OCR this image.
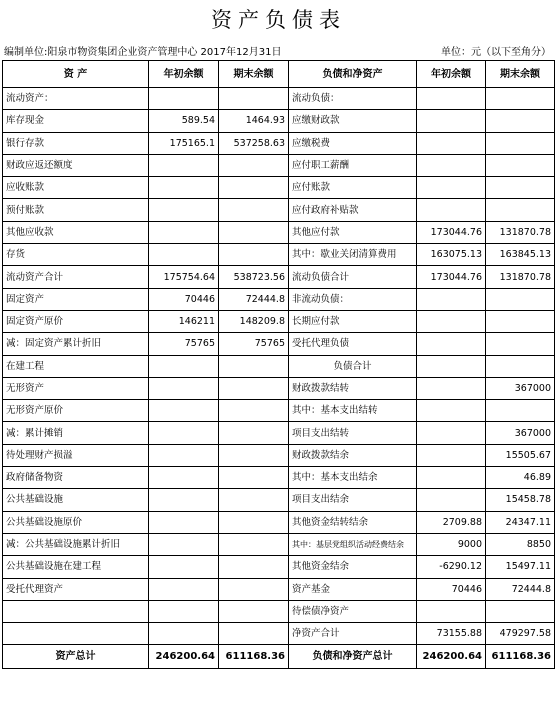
资产负债表
编制单位:阳泉市物资集团企业资产管理中心 2017年12月31日	单位：元（以下至角分）
资 产	年初余额	期末余额	负债和净资产	年初余额	期末余额
流动资产：			流动负债：		
库存现金	589.54	1464.93	应缴财政款		
银行存款	175165.1	537258.63	应缴税费		
财政应返还额度			应付职工薪酬		
应收账款			应付账款		
预付账款			应付政府补贴款		
其他应收款			其他应付款	173044.76	131870.78
存货			其中：歇业关闭清算费用	163075.13	163845.13
流动资产合计	175754.64	538723.56	流动负债合计	173044.76	131870.78
固定资产	70446	72444.8	非流动负债：		
固定资产原价	146211	148209.8	长期应付款		
减：固定资产累计折旧	75765	75765	受托代理负债		
在建工程			负债合计		
无形资产			财政拨款结转		367000
无形资产原价			其中：基本支出结转		
减：累计摊销			项目支出结转		367000
待处理财产损溢			财政拨款结余		15505.67
政府储备物资			其中：基本支出结余		46.89
公共基础设施			项目支出结余		15458.78
公共基础设施原价			其他资金结转结余	2709.88	24347.11
减：公共基础设施累计折旧			其中：基层党组织活动经费结余	9000	8850
公共基础设施在建工程			其他资金结余	-6290.12	15497.11
受托代理资产			资产基金	70446	72444.8
			待偿债净资产		
			净资产合计	73155.88	479297.58
资产总计	246200.64	611168.36	负债和净资产总计	246200.64	611168.36
